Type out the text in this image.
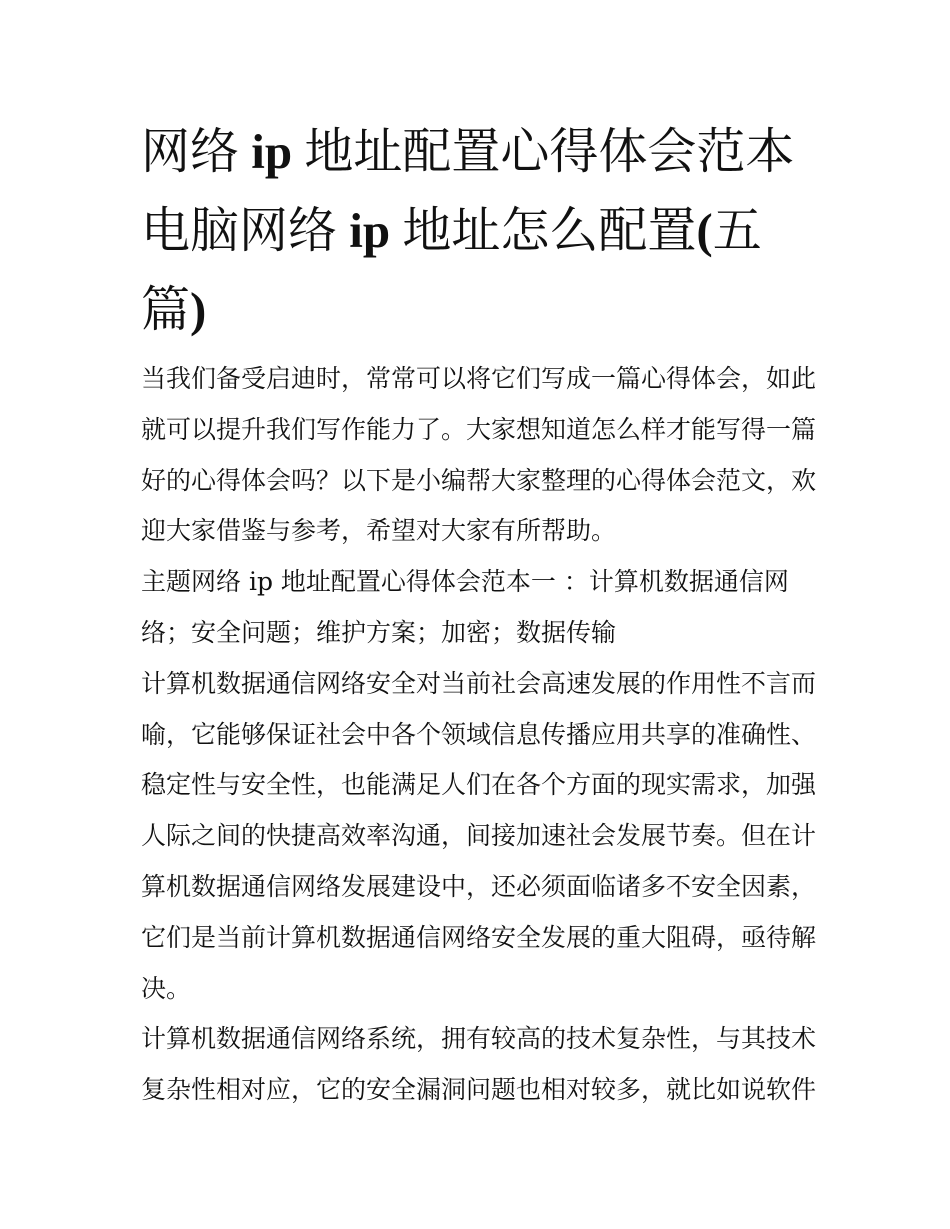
网络 ip 地址配置心得体会范本
电脑网络 ip 地址怎么配置(五
篇)

当我们备受启迪时，常常可以将它们写成一篇心得体会，如此
就可以提升我们写作能力了。大家想知道怎么样才能写得一篇
好的心得体会吗？以下是小编帮大家整理的心得体会范文，欢
迎大家借鉴与参考，希望对大家有所帮助。

主题网络 ip 地址配置心得体会范本一 ：计算机数据通信网
络；安全问题；维护方案；加密；数据传输

计算机数据通信网络安全对当前社会高速发展的作用性不言而
喻，它能够保证社会中各个领域信息传播应用共享的准确性、
稳定性与安全性，也能满足人们在各个方面的现实需求，加强
人际之间的快捷高效率沟通，间接加速社会发展节奏。但在计
算机数据通信网络发展建设中，还必须面临诸多不安全因素，
它们是当前计算机数据通信网络安全发展的重大阻碍，亟待解
决。

计算机数据通信网络系统，拥有较高的技术复杂性，与其技术
复杂性相对应，它的安全漏洞问题也相对较多，就比如说软件
